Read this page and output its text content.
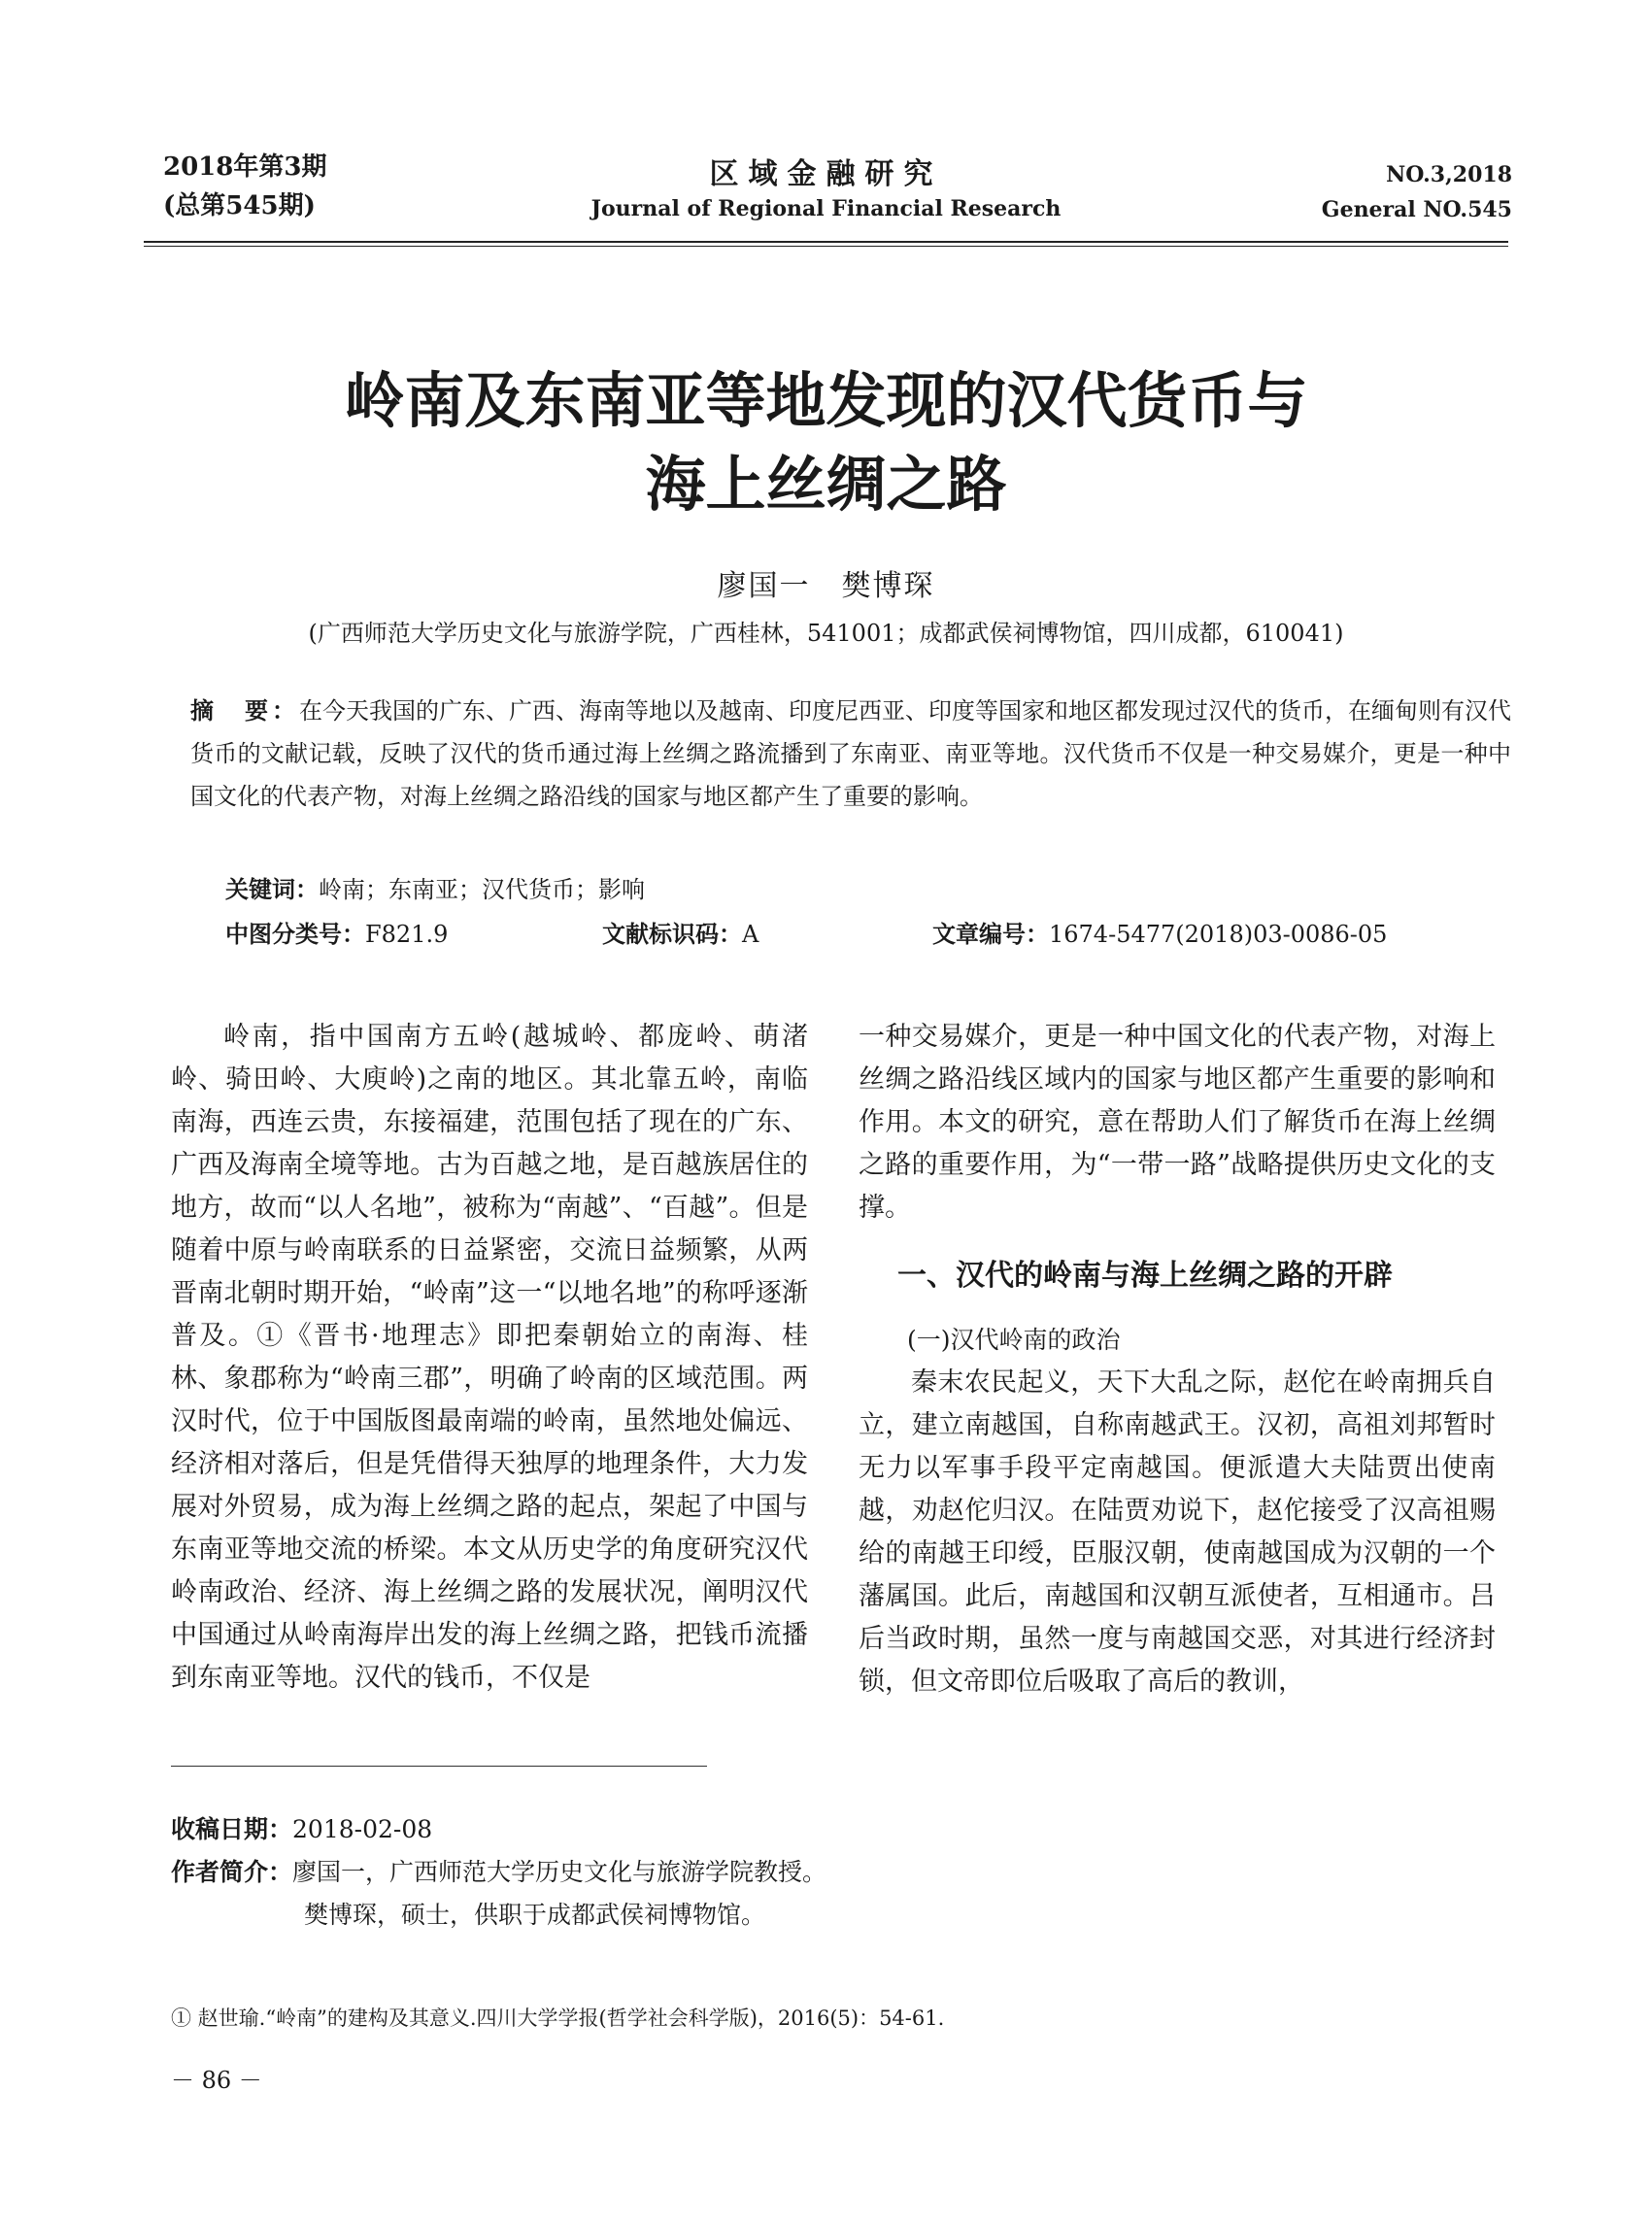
2018年第3期
(总第545期)
区域金融研究
Journal of Regional Financial Research
NO.3,2018
General NO.545
岭南及东南亚等地发现的汉代货币与
海上丝绸之路
廖国一　樊博琛
(广西师范大学历史文化与旅游学院，广西桂林，541001；成都武侯祠博物馆，四川成都，610041)
摘　要：在今天我国的广东、广西、海南等地以及越南、印度尼西亚、印度等国家和地区都发现过汉代的货币，在缅甸则有汉代货币的文献记载，反映了汉代的货币通过海上丝绸之路流播到了东南亚、南亚等地。汉代货币不仅是一种交易媒介，更是一种中国文化的代表产物，对海上丝绸之路沿线的国家与地区都产生了重要的影响。
关键词：岭南；东南亚；汉代货币；影响
中图分类号：F821.9	文献标识码：A	文章编号：1674-5477(2018)03-0086-05

岭南，指中国南方五岭(越城岭、都庞岭、萌渚岭、骑田岭、大庾岭)之南的地区。其北靠五岭，南临南海，西连云贵，东接福建，范围包括了现在的广东、广西及海南全境等地。古为百越之地，是百越族居住的地方，故而“以人名地”，被称为“南越”、“百越”。但是随着中原与岭南联系的日益紧密，交流日益频繁，从两晋南北朝时期开始，“岭南”这一“以地名地”的称呼逐渐普及。①《晋书·地理志》即把秦朝始立的南海、桂林、象郡称为“岭南三郡”，明确了岭南的区域范围。两汉时代，位于中国版图最南端的岭南，虽然地处偏远、经济相对落后，但是凭借得天独厚的地理条件，大力发展对外贸易，成为海上丝绸之路的起点，架起了中国与东南亚等地交流的桥梁。本文从历史学的角度研究汉代岭南政治、经济、海上丝绸之路的发展状况，阐明汉代中国通过从岭南海岸出发的海上丝绸之路，把钱币流播到东南亚等地。汉代的钱币，不仅是

一种交易媒介，更是一种中国文化的代表产物，对海上丝绸之路沿线区域内的国家与地区都产生重要的影响和作用。本文的研究，意在帮助人们了解货币在海上丝绸之路的重要作用，为“一带一路”战略提供历史文化的支撑。

一、汉代的岭南与海上丝绸之路的开辟

(一)汉代岭南的政治

秦末农民起义，天下大乱之际，赵佗在岭南拥兵自立，建立南越国，自称南越武王。汉初，高祖刘邦暂时无力以军事手段平定南越国。便派遣大夫陆贾出使南越，劝赵佗归汉。在陆贾劝说下，赵佗接受了汉高祖赐给的南越王印绶，臣服汉朝，使南越国成为汉朝的一个藩属国。此后，南越国和汉朝互派使者，互相通市。吕后当政时期，虽然一度与南越国交恶，对其进行经济封锁，但文帝即位后吸取了高后的教训，

收稿日期：2018-02-08
作者简介：廖国一，广西师范大学历史文化与旅游学院教授。
樊博琛，硕士，供职于成都武侯祠博物馆。
① 赵世瑜.“岭南”的建构及其意义.四川大学学报(哲学社会科学版)，2016(5)：54-61.
－ 86 －
